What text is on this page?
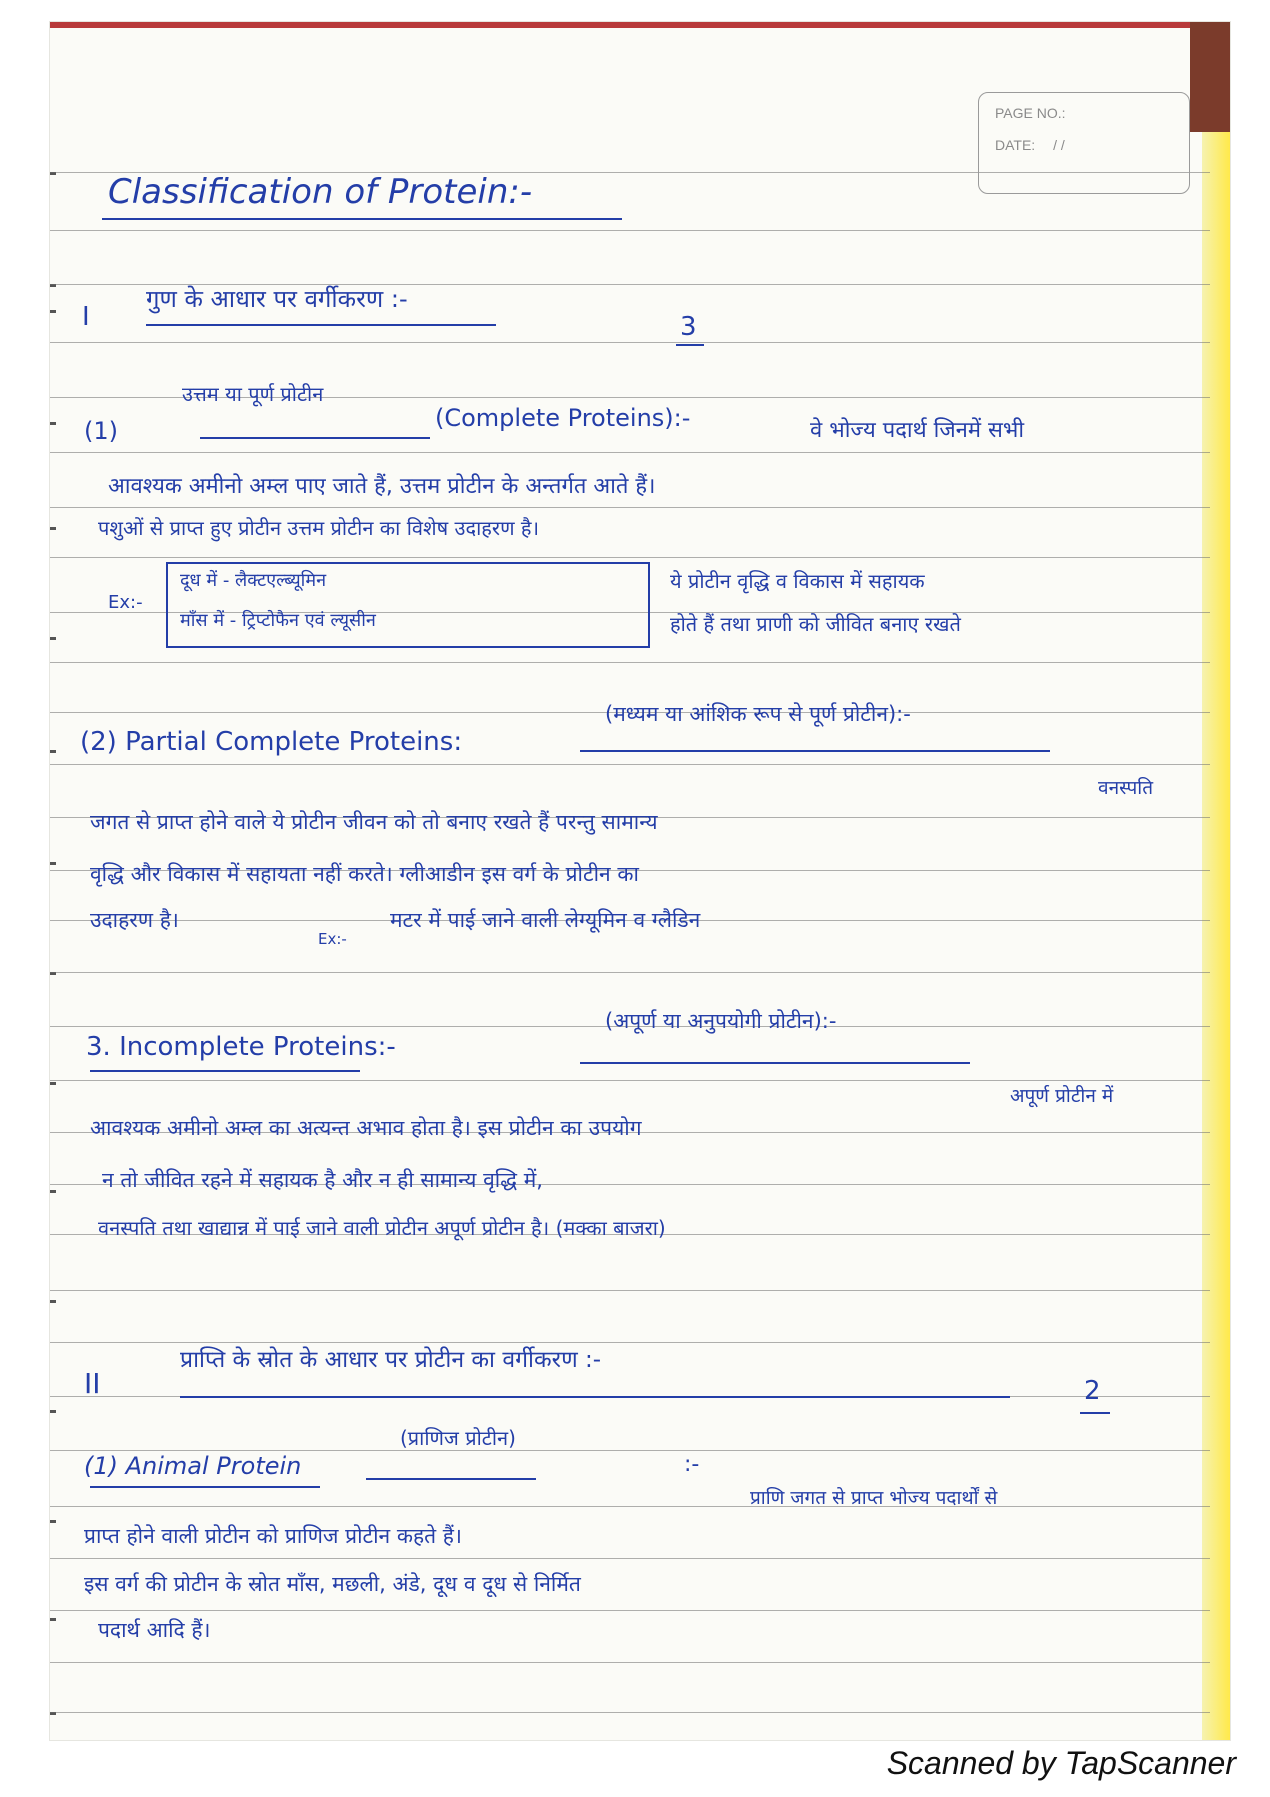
PAGE NO.:
DATE: / /
Classification of Protein:-
I
गुण के आधार पर वर्गीकरण :-
3
(1)
उत्तम या पूर्ण प्रोटीन
(Complete Proteins):-	वे भोज्य पदार्थ जिनमें सभी
आवश्यक अमीनो अम्ल पाए जाते हैं, उत्तम प्रोटीन के अन्तर्गत आते हैं।
पशुओं से प्राप्त हुए प्रोटीन उत्तम प्रोटीन का विशेष उदाहरण है।
Ex:-
दूध में - लैक्टएल्ब्यूमिन
माँस में - ट्रिप्टोफैन एवं ल्यूसीन
ये प्रोटीन वृद्धि व विकास में सहायक
होते हैं तथा प्राणी को जीवित बनाए रखते
(2) Partial Complete Proteins:
(मध्यम या आंशिक रूप से पूर्ण प्रोटीन):-
वनस्पति
जगत से प्राप्त होने वाले ये प्रोटीन जीवन को तो बनाए रखते हैं परन्तु सामान्य
वृद्धि और विकास में सहायता नहीं करते। ग्लीआडीन इस वर्ग के प्रोटीन का
उदाहरण है।
Ex:-
मटर में पाई जाने वाली लेग्यूमिन व ग्लैडिन
3. Incomplete Proteins:-
(अपूर्ण या अनुपयोगी प्रोटीन):-
अपूर्ण प्रोटीन में
आवश्यक अमीनो अम्ल का अत्यन्त अभाव होता है। इस प्रोटीन का उपयोग
न तो जीवित रहने में सहायक है और न ही सामान्य वृद्धि में,
वनस्पति तथा खाद्यान्न में पाई जाने वाली प्रोटीन अपूर्ण प्रोटीन है। (मक्का बाजरा)
II
प्राप्ति के स्रोत के आधार पर प्रोटीन का वर्गीकरण :-
2
(1) Animal Protein
(प्राणिज प्रोटीन)
:-
प्राणि जगत से प्राप्त भोज्य पदार्थों से
प्राप्त होने वाली प्रोटीन को प्राणिज प्रोटीन कहते हैं।
इस वर्ग की प्रोटीन के स्रोत माँस, मछली, अंडे, दूध व दूध से निर्मित
पदार्थ आदि हैं।
Scanned by TapScanner
